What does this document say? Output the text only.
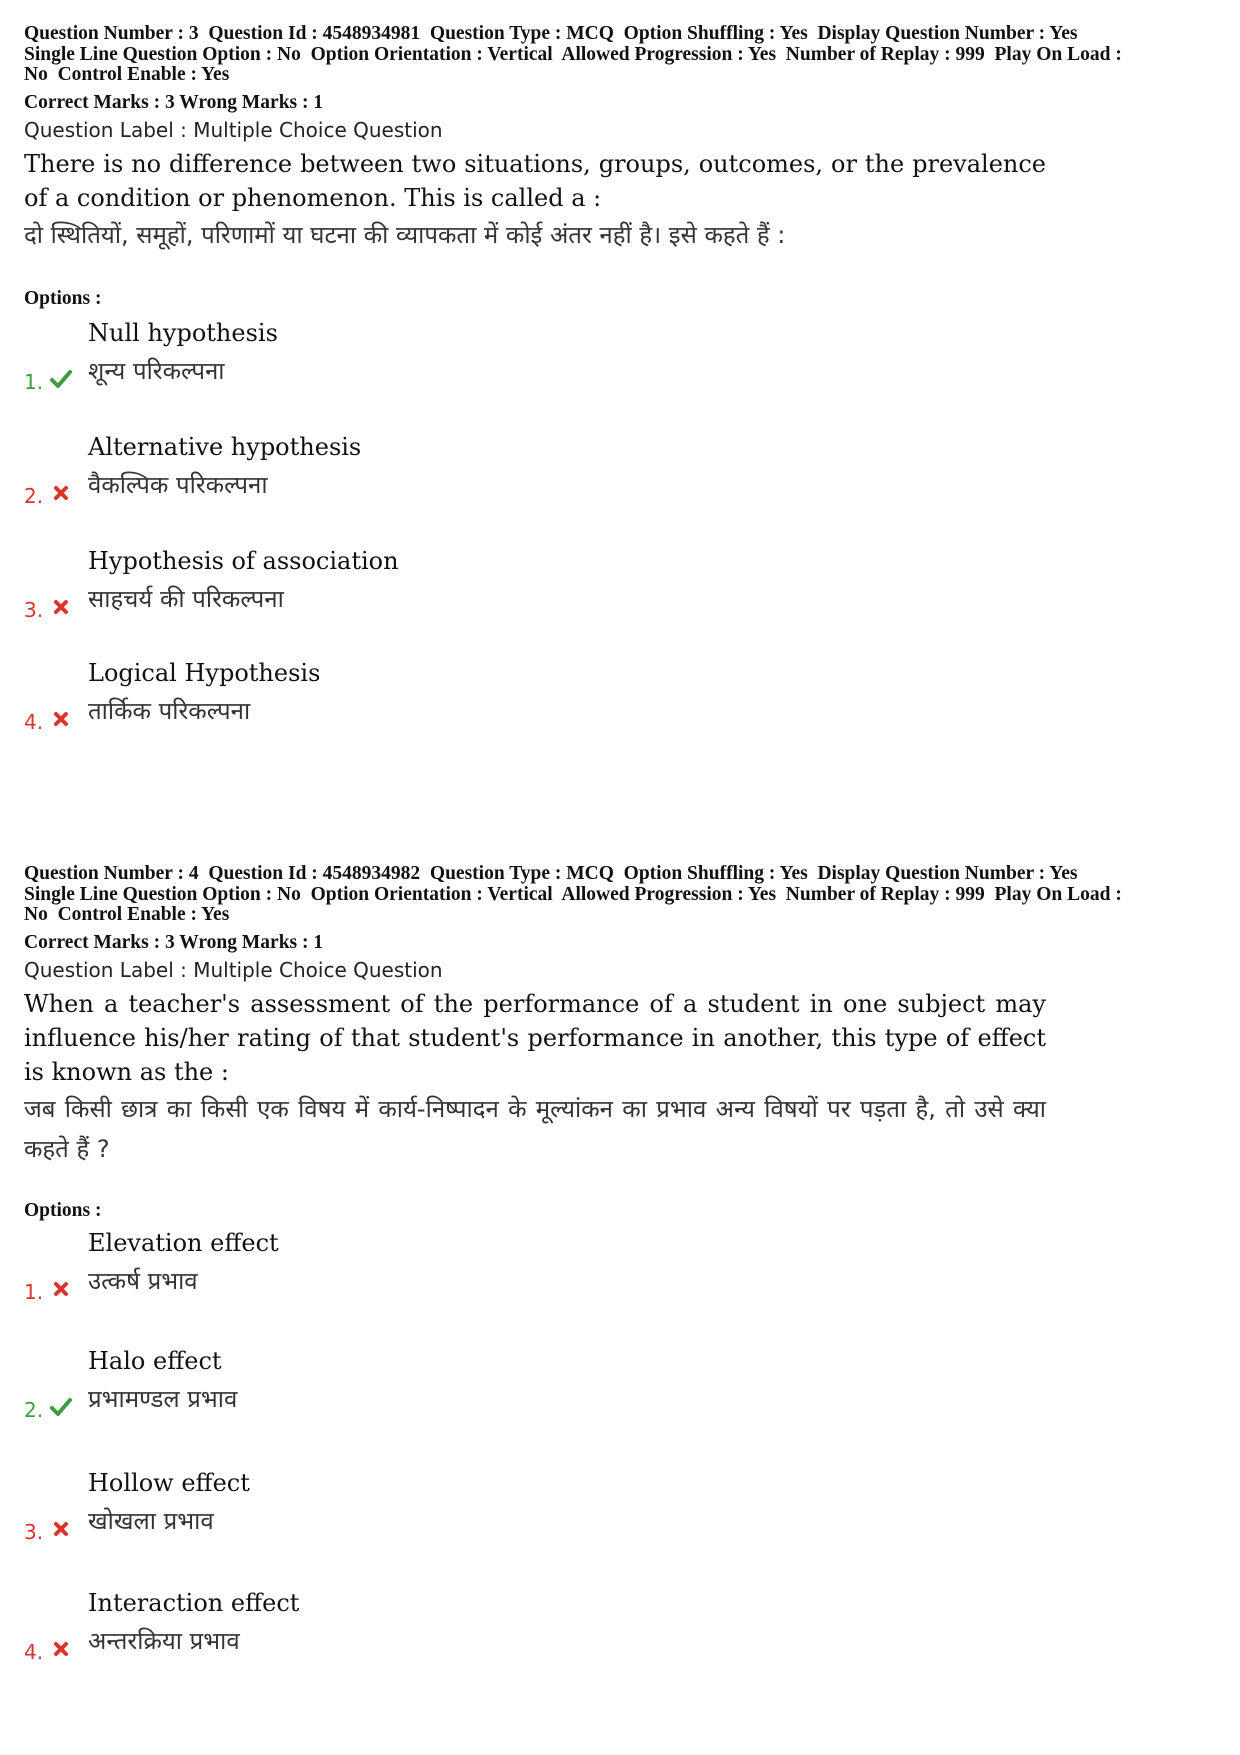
Question Number : 3  Question Id : 4548934981  Question Type : MCQ  Option Shuffling : Yes  Display Question Number : Yes
Single Line Question Option : No  Option Orientation : Vertical  Allowed Progression : Yes  Number of Replay : 999  Play On Load :
No  Control Enable : Yes
Correct Marks : 3 Wrong Marks : 1
Question Label : Multiple Choice Question

There is no difference between two situations, groups, outcomes, or the prevalence of a condition or phenomenon. This is called a :

दो स्थितियों, समूहों, परिणामों या घटना की व्यापकता में कोई अंतर नहीं है। इसे कहते हैं :

Options :
Null hypothesis
शून्य परिकल्पना
1.
Alternative hypothesis
वैकल्पिक परिकल्पना
2.
Hypothesis of association
साहचर्य की परिकल्पना
3.
Logical Hypothesis
तार्किक परिकल्पना
4.
Question Number : 4  Question Id : 4548934982  Question Type : MCQ  Option Shuffling : Yes  Display Question Number : Yes
Single Line Question Option : No  Option Orientation : Vertical  Allowed Progression : Yes  Number of Replay : 999  Play On Load :
No  Control Enable : Yes
Correct Marks : 3 Wrong Marks : 1
Question Label : Multiple Choice Question

When a teacher's assessment of the performance of a student in one subject may influence his/her rating of that student's performance in another, this type of effect is known as the :

जब किसी छात्र का किसी एक विषय में कार्य-निष्पादन के मूल्यांकन का प्रभाव अन्य विषयों पर पड़ता है, तो उसे क्या कहते हैं ?

Options :
Elevation effect
उत्कर्ष प्रभाव
1.
Halo effect
प्रभामण्डल प्रभाव
2.
Hollow effect
खोखला प्रभाव
3.
Interaction effect
अन्तरक्रिया प्रभाव
4.
